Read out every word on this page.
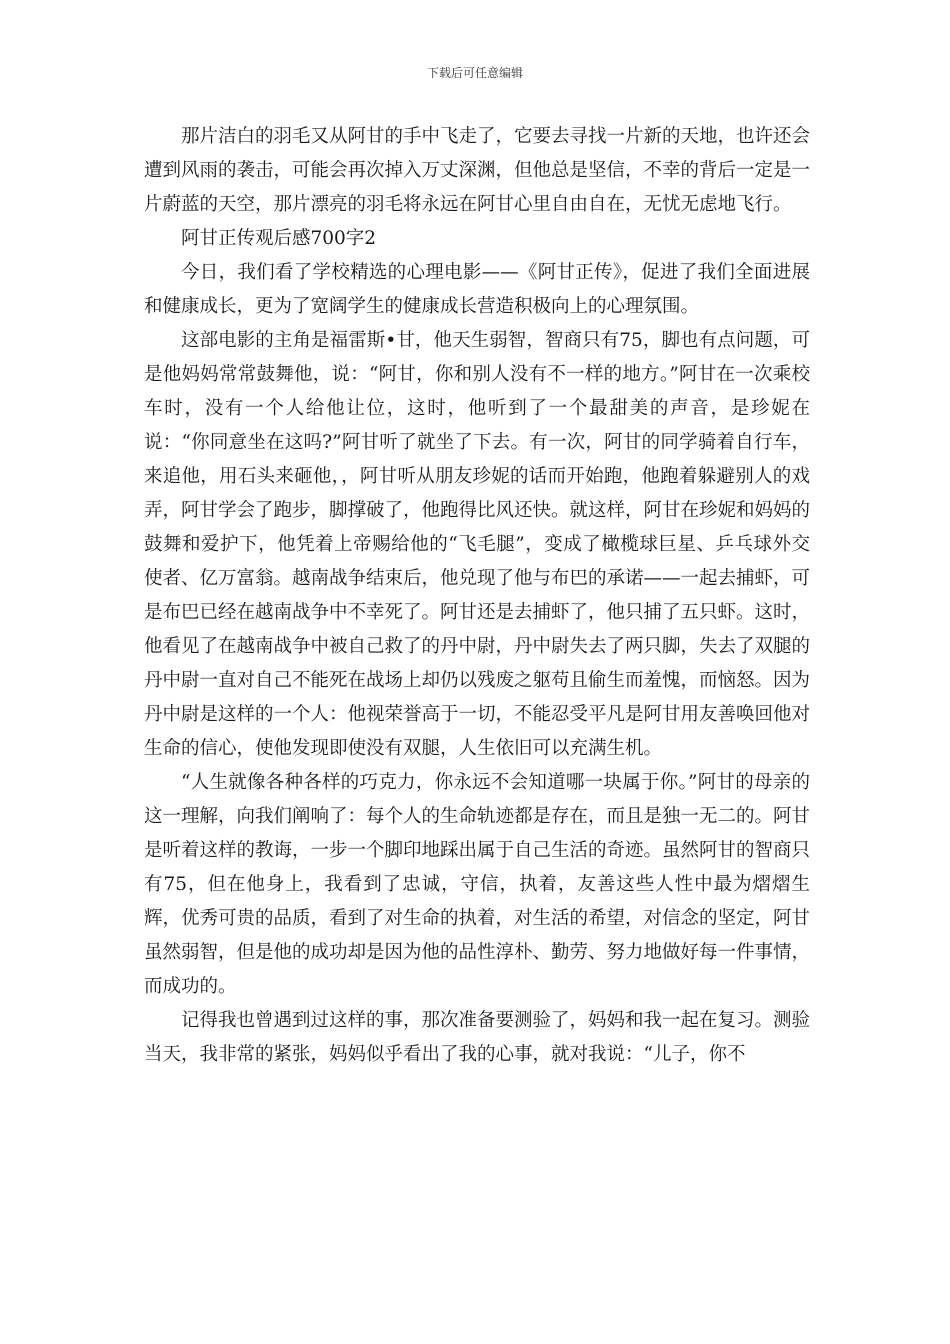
下载后可任意编辑

那片洁白的羽毛又从阿甘的手中飞走了，它要去寻找一片新的天地，也许还会遭到风雨的袭击，可能会再次掉入万丈深渊，但他总是坚信，不幸的背后一定是一片蔚蓝的天空，那片漂亮的羽毛将永远在阿甘心里自由自在，无忧无虑地飞行。

阿甘正传观后感700字2

今日，我们看了学校精选的心理电影——《阿甘正传》，促进了我们全面进展和健康成长，更为了宽阔学生的健康成长营造积极向上的心理氛围。

这部电影的主角是福雷斯•甘，他天生弱智，智商只有75，脚也有点问题，可是他妈妈常常鼓舞他，说：“阿甘，你和别人没有不一样的地方。”阿甘在一次乘校车时，没有一个人给他让位，这时，他听到了一个最甜美的声音，是珍妮在说：“你同意坐在这吗?”阿甘听了就坐了下去。有一次，阿甘的同学骑着自行车，来追他，用石头来砸他，，阿甘听从朋友珍妮的话而开始跑，他跑着躲避别人的戏弄，阿甘学会了跑步，脚撑破了，他跑得比风还快。就这样，阿甘在珍妮和妈妈的鼓舞和爱护下，他凭着上帝赐给他的“飞毛腿”，变成了橄榄球巨星、乒乓球外交使者、亿万富翁。越南战争结束后，他兑现了他与布巴的承诺——一起去捕虾，可是布巴已经在越南战争中不幸死了。阿甘还是去捕虾了，他只捕了五只虾。这时，他看见了在越南战争中被自己救了的丹中尉，丹中尉失去了两只脚，失去了双腿的丹中尉一直对自己不能死在战场上却仍以残废之躯苟且偷生而羞愧，而恼怒。因为丹中尉是这样的一个人：他视荣誉高于一切，不能忍受平凡是阿甘用友善唤回他对生命的信心，使他发现即使没有双腿，人生依旧可以充满生机。

“人生就像各种各样的巧克力，你永远不会知道哪一块属于你。”阿甘的母亲的这一理解，向我们阐响了：每个人的生命轨迹都是存在，而且是独一无二的。阿甘是听着这样的教诲，一步一个脚印地踩出属于自己生活的奇迹。虽然阿甘的智商只有75，但在他身上，我看到了忠诚，守信，执着，友善这些人性中最为熠熠生辉，优秀可贵的品质，看到了对生命的执着，对生活的希望，对信念的坚定，阿甘虽然弱智，但是他的成功却是因为他的品性淳朴、勤劳、努力地做好每一件事情，而成功的。

记得我也曾遇到过这样的事，那次准备要测验了，妈妈和我一起在复习。测验当天，我非常的紧张，妈妈似乎看出了我的心事，就对我说：“儿子，你不
